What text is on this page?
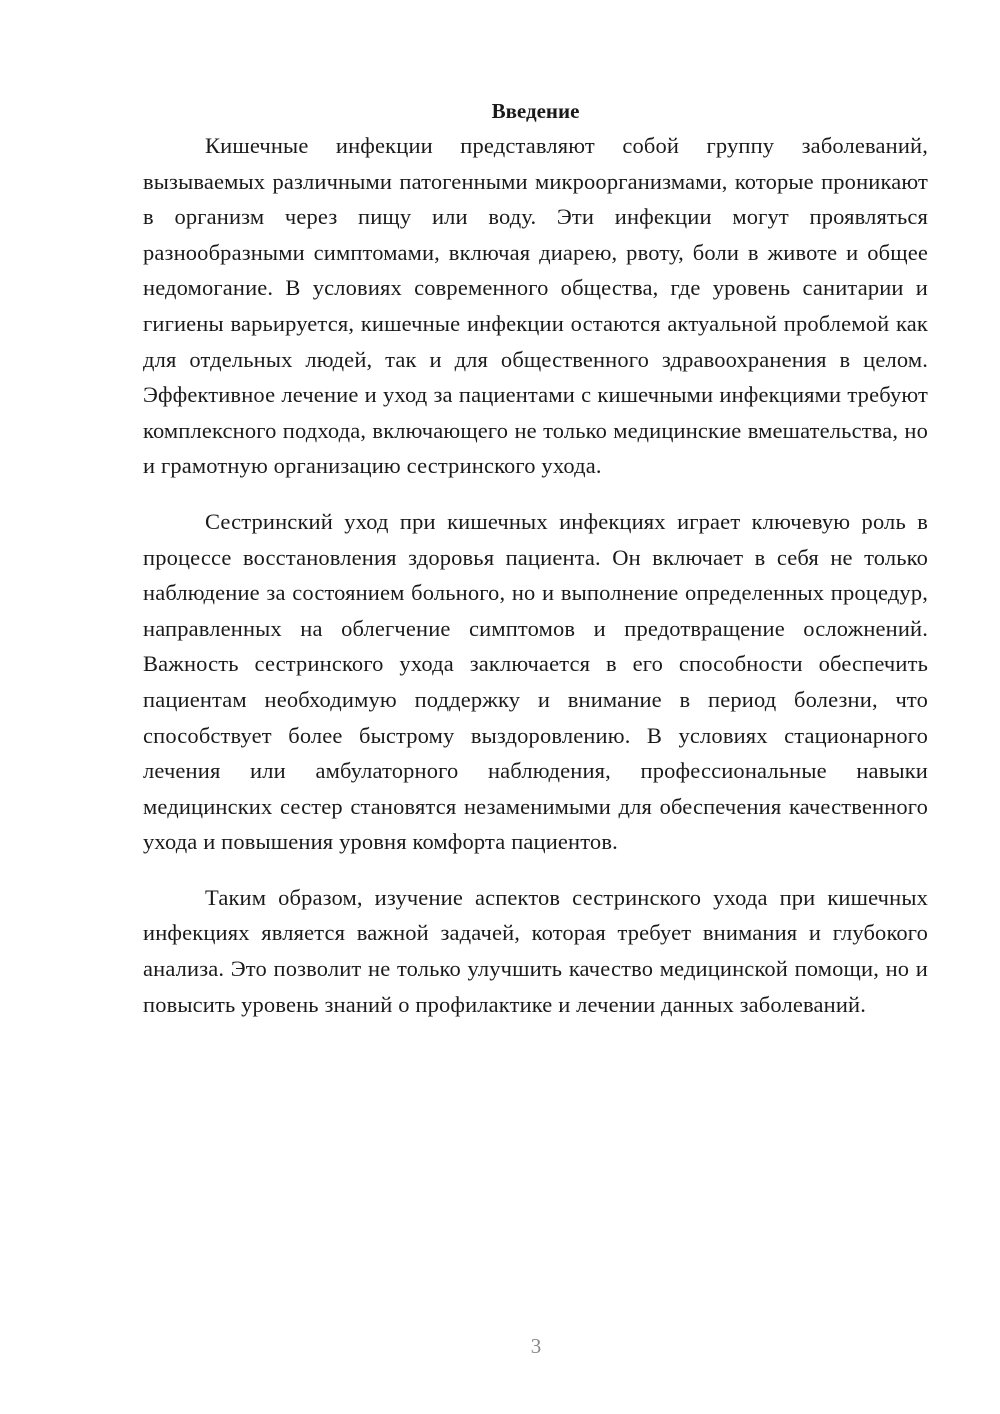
Введение

Кишечные инфекции представляют собой группу заболеваний, вызываемых различными патогенными микроорганизмами, которые проникают в организм через пищу или воду. Эти инфекции могут проявляться разнообразными симптомами, включая диарею, рвоту, боли в животе и общее недомогание. В условиях современного общества, где уровень санитарии и гигиены варьируется, кишечные инфекции остаются актуальной проблемой как для отдельных людей, так и для общественного здравоохранения в целом. Эффективное лечение и уход за пациентами с кишечными инфекциями требуют комплексного подхода, включающего не только медицинские вмешательства, но и грамотную организацию сестринского ухода.

Сестринский уход при кишечных инфекциях играет ключевую роль в процессе восстановления здоровья пациента. Он включает в себя не только наблюдение за состоянием больного, но и выполнение определенных процедур, направленных на облегчение симптомов и предотвращение осложнений. Важность сестринского ухода заключается в его способности обеспечить пациентам необходимую поддержку и внимание в период болезни, что способствует более быстрому выздоровлению. В условиях стационарного лечения или амбулаторного наблюдения, профессиональные навыки медицинских сестер становятся незаменимыми для обеспечения качественного ухода и повышения уровня комфорта пациентов.

Таким образом, изучение аспектов сестринского ухода при кишечных инфекциях является важной задачей, которая требует внимания и глубокого анализа. Это позволит не только улучшить качество медицинской помощи, но и повысить уровень знаний о профилактике и лечении данных заболеваний.

3
